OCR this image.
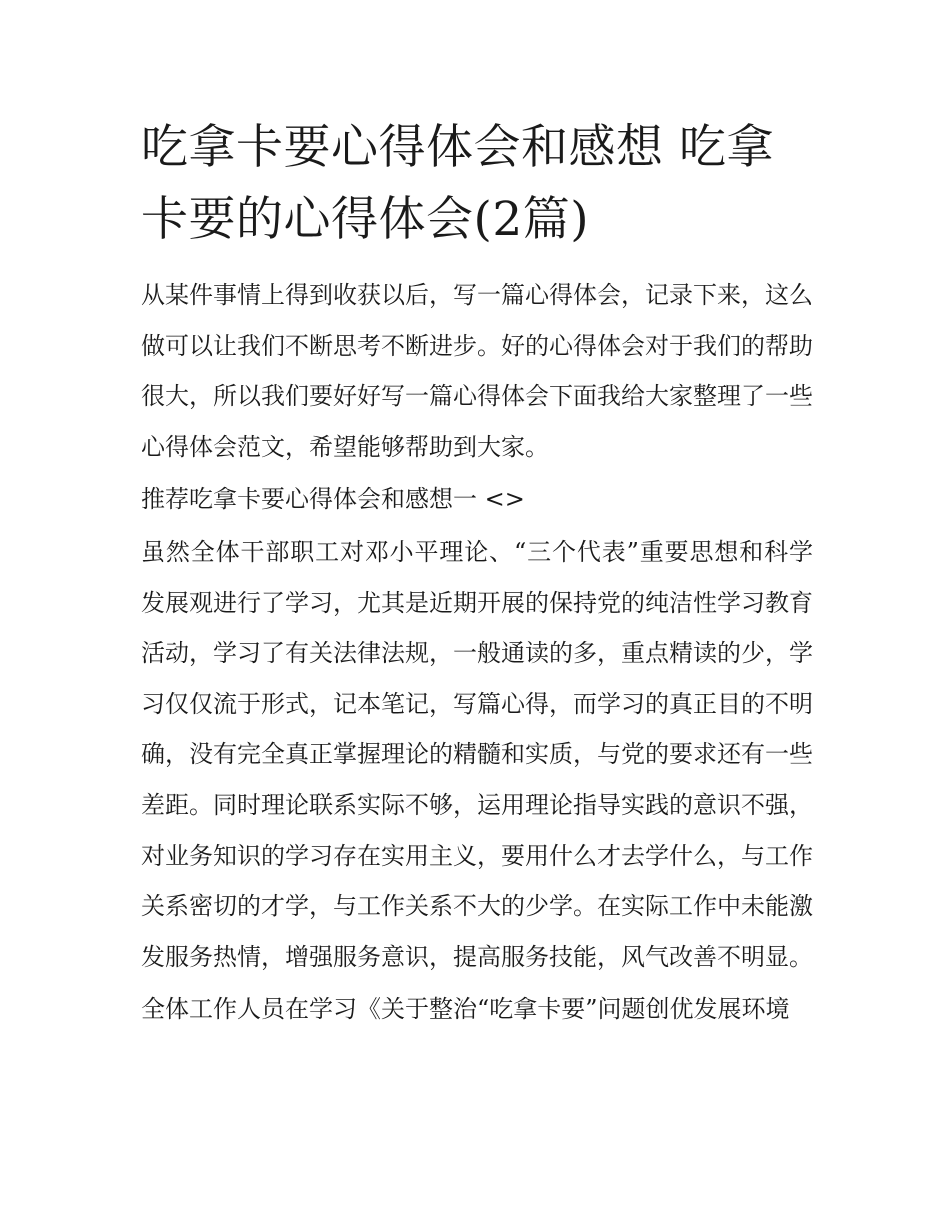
吃拿卡要心得体会和感想 吃拿卡要的心得体会(2篇)

从某件事情上得到收获以后，写一篇心得体会，记录下来，这么做可以让我们不断思考不断进步。好的心得体会对于我们的帮助很大，所以我们要好好写一篇心得体会下面我给大家整理了一些心得体会范文，希望能够帮助到大家。

推荐吃拿卡要心得体会和感想一 <>

虽然全体干部职工对邓小平理论、“三个代表”重要思想和科学发展观进行了学习，尤其是近期开展的保持党的纯洁性学习教育活动，学习了有关法律法规，一般通读的多，重点精读的少，学习仅仅流于形式，记本笔记，写篇心得，而学习的真正目的不明确，没有完全真正掌握理论的精髓和实质，与党的要求还有一些差距。同时理论联系实际不够，运用理论指导实践的意识不强，对业务知识的学习存在实用主义，要用什么才去学什么，与工作关系密切的才学，与工作关系不大的少学。在实际工作中未能激发服务热情，增强服务意识，提高服务技能，风气改善不明显。

全体工作人员在学习《关于整治“吃拿卡要”问题创优发展环境
